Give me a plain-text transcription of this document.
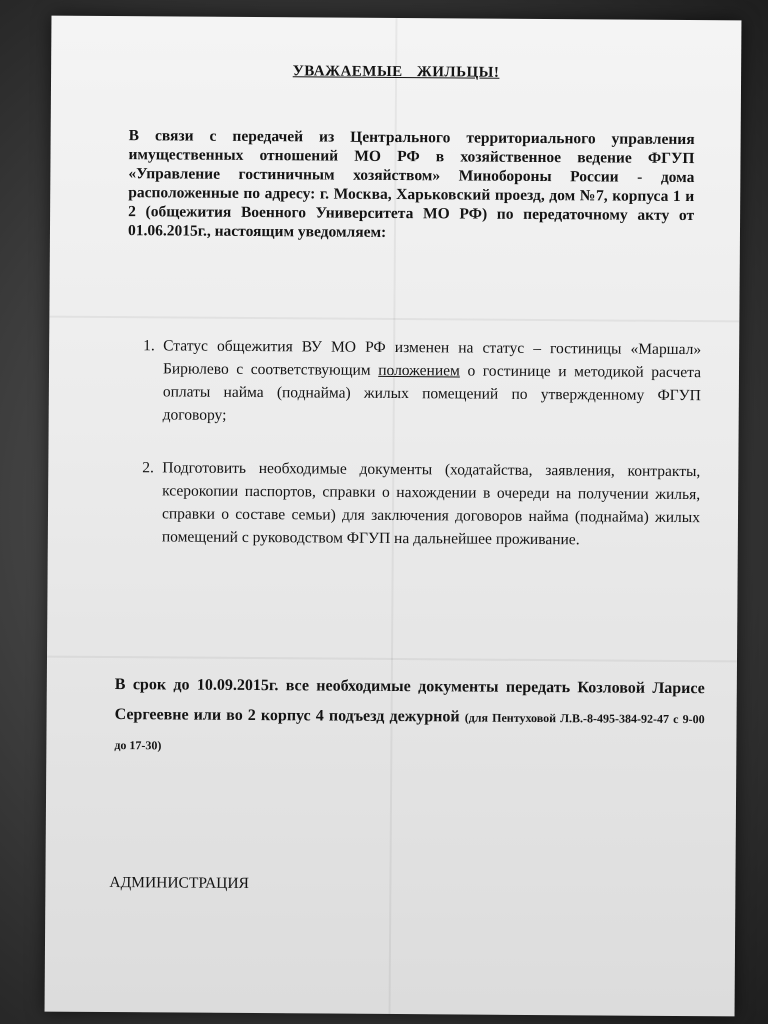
УВАЖАЕМЫЕ ЖИЛЬЦЫ!
В связи с передачей из Центрального территориального управления имущественных отношений МО РФ в хозяйственное ведение ФГУП «Управление гостиничным хозяйством» Минобороны России - дома расположенные по адресу: г. Москва, Харьковский проезд, дом №7, корпуса 1 и 2 (общежития Военного Университета МО РФ) по передаточному акту от 01.06.2015г., настоящим уведомляем:
1. Статус общежития ВУ МО РФ изменен на статус – гостиницы «Маршал» Бирюлево с соответствующим положением о гостинице и методикой расчета оплаты найма (поднайма) жилых помещений по утвержденному ФГУП договору;
2. Подготовить необходимые документы (ходатайства, заявления, контракты, ксерокопии паспортов, справки о нахождении в очереди на получении жилья, справки о составе семьи) для заключения договоров найма (поднайма) жилых помещений с руководством ФГУП на дальнейшее проживание.
В срок до 10.09.2015г. все необходимые документы передать Козловой Ларисе Сергеевне или во 2 корпус 4 подъезд дежурной (для Пентуховой Л.В.-8-495-384-92-47 с 9-00 до 17-30)
АДМИНИСТРАЦИЯ
